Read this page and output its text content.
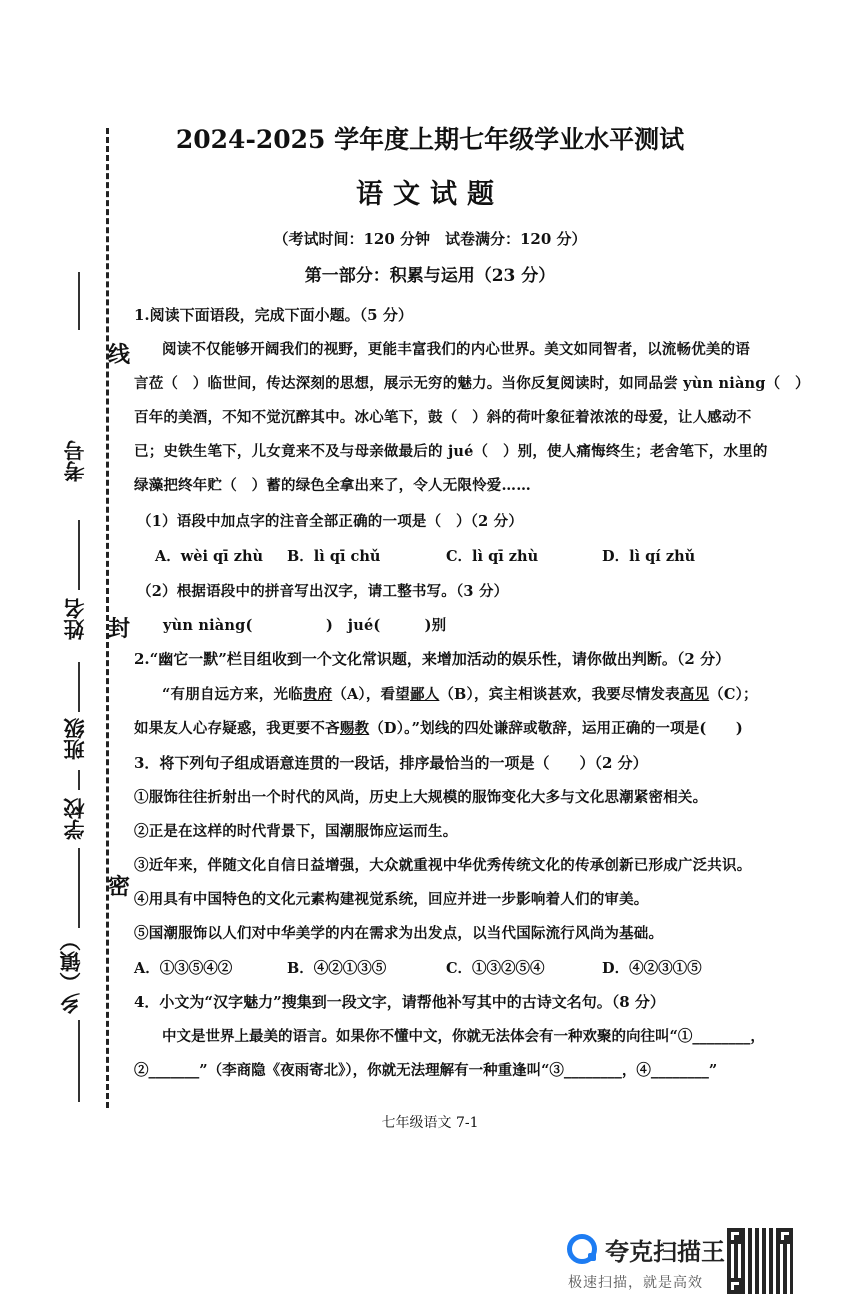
线
封
密
考号
姓名
班级
学校
乡（镇）
2024-2025 学年度上期七年级学业水平测试
语文试题
（考试时间：120 分钟　试卷满分：120 分）
第一部分：积累与运用（23 分）
1.阅读下面语段，完成下面小题。（5 分）
阅读不仅能够开阔我们的视野，更能丰富我们的内心世界。美文如同智者，以流畅优美的语
言莅（　）临世间，传达深刻的思想，展示无穷的魅力。当你反复阅读时，如同品尝 yùn niàng（　）
百年的美酒，不知不觉沉醉其中。冰心笔下，鼓（　）斜的荷叶象征着浓浓的母爱，让人感动不
已；史铁生笔下，儿女竟来不及与母亲做最后的 jué（　）别，使人痛悔终生；老舍笔下，水里的
绿藻把终年贮（　）蓄的绿色全拿出来了，令人无限怜爱……
（1）语段中加点字的注音全部正确的一项是（　）（2 分）
A．wèi qī zhù B．lì qī chǔ	C．lì qī zhù	D．lì qí zhǔ
（2）根据语段中的拼音写出汉字，请工整书写。（3 分）
yùn niàng(　　　　　)　jué(　　　)别
2.“幽它一默”栏目组收到一个文化常识题，来增加活动的娱乐性，请你做出判断。（2 分）
“有朋自远方来，光临贵府（A），看望鄙人（B），宾主相谈甚欢，我要尽情发表高见（C）；
如果友人心存疑惑，我更要不吝赐教（D）。”划线的四处谦辞或敬辞，运用正确的一项是(　　)
3．将下列句子组成语意连贯的一段话，排序最恰当的一项是（　　）（2 分）
①服饰往往折射出一个时代的风尚，历史上大规模的服饰变化大多与文化思潮紧密相关。
②正是在这样的时代背景下，国潮服饰应运而生。
③近年来，伴随文化自信日益增强，大众就重视中华优秀传统文化的传承创新已形成广泛共识。
④用具有中国特色的文化元素构建视觉系统，回应并进一步影响着人们的审美。
⑤国潮服饰以人们对中华美学的内在需求为出发点，以当代国际流行风尚为基础。
A．①③⑤④②	B．④②①③⑤	C．①③②⑤④	D．④②③①⑤
4．小文为“汉字魅力”搜集到一段文字，请帮他补写其中的古诗文名句。（8 分）
中文是世界上最美的语言。如果你不懂中文，你就无法体会有一种欢聚的向往叫“①________，
②_______”（李商隐《夜雨寄北》），你就无法理解有一种重逢叫“③________，④________”
七年级语文 7-1
夸克扫描王
极速扫描，就是高效
